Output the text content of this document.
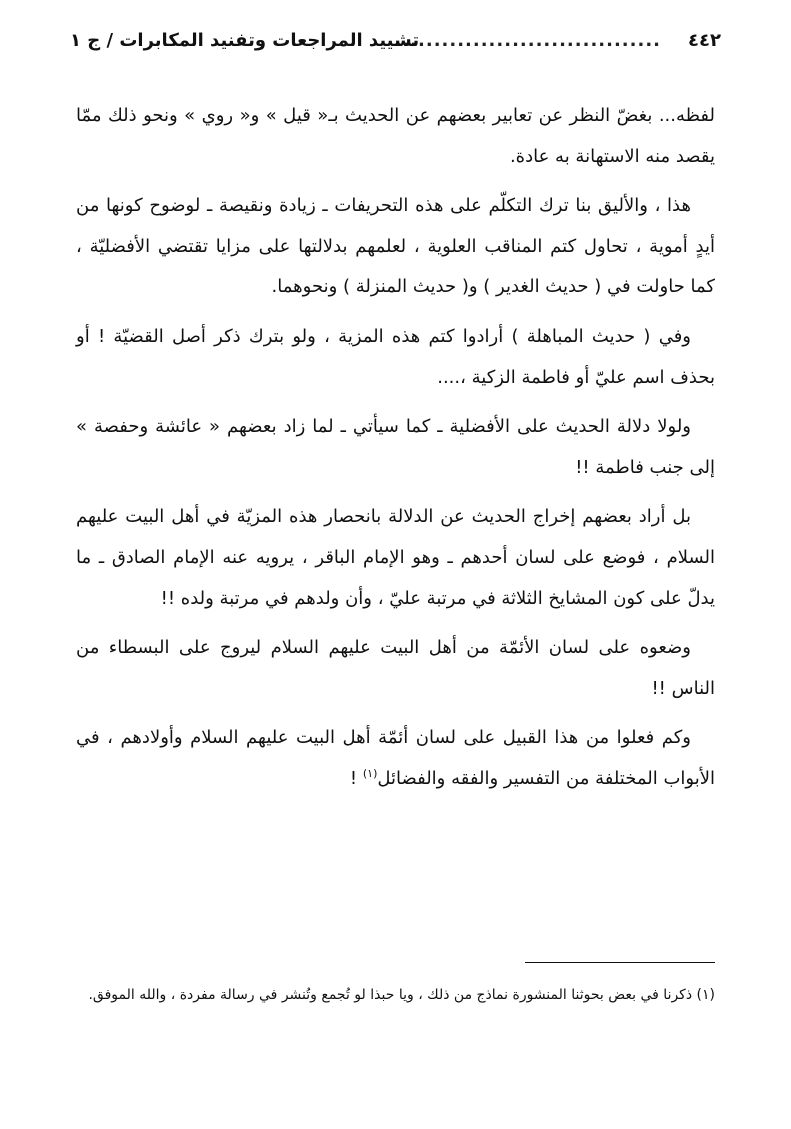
٤٤٢
..................................
تشييد المراجعات وتفنيد المكابرات / ج ١

لفظه... بغضّ النظر عن تعابير بعضهم عن الحديث بـ« قيل » و« روي » ونحو ذلك ممّا يقصد منه الاستهانة به عادة.

هذا ، والأليق بنا ترك التكلّم على هذه التحريفات ـ زيادة ونقيصة ـ لوضوح كونها من أيدٍ أموية ، تحاول كتم المناقب العلوية ، لعلمهم بدلالتها على مزايا تقتضي الأفضليّة ، كما حاولت في ( حديث الغدير ) و( حديث المنزلة ) ونحوهما.

وفي ( حديث المباهلة ) أرادوا كتم هذه المزية ، ولو بترك ذكر أصل القضيّة ! أو بحذف اسم عليّ أو فاطمة الزكية ،....

ولولا دلالة الحديث على الأفضلية ـ كما سيأتي ـ لما زاد بعضهم « عائشة وحفصة » إلى جنب فاطمة !!

بل أراد بعضهم إخراج الحديث عن الدلالة بانحصار هذه المزيّة في أهل البيت عليهم السلام ، فوضع على لسان أحدهم ـ وهو الإمام الباقر ، يرويه عنه الإمام الصادق ـ ما يدلّ على كون المشايخ الثلاثة في مرتبة عليّ ، وأن ولدهم في مرتبة ولده !!

وضعوه على لسان الأئمّة من أهل البيت عليهم السلام ليروج على البسطاء من الناس !!

وكم فعلوا من هذا القبيل على لسان أئمّة أهل البيت عليهم السلام وأولادهم ، في الأبواب المختلفة من التفسير والفقه والفضائل$^{(١)}$ !

(١) ذكرنا في بعض بحوثنا المنشورة نماذج من ذلك ، ويا حبذا لو تُجمع وتُنشر في رسالة مفردة ، والله الموفق.
